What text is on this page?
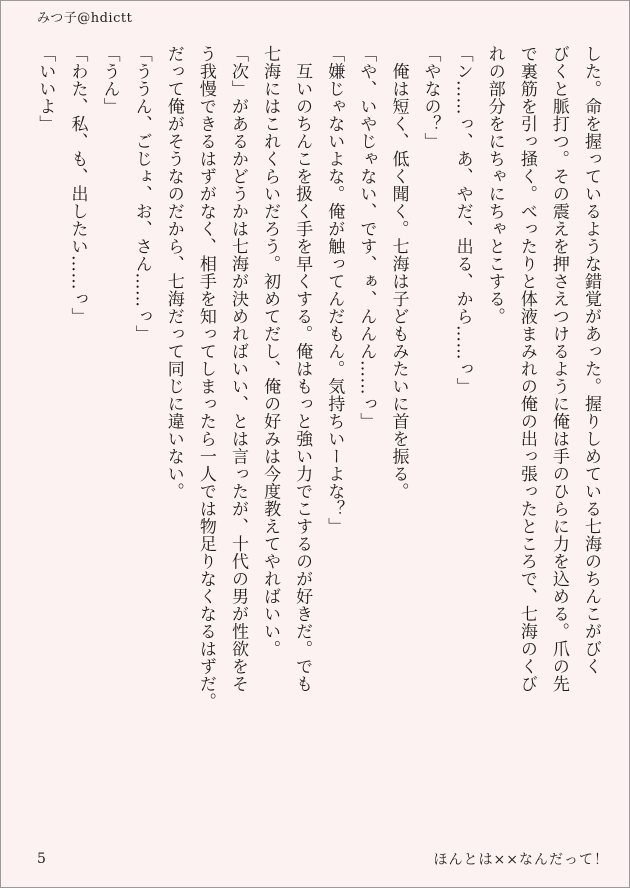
みつ子@hdictt

した。命を握っているような錯覚があった。握りしめている七海のちんこがびく

びくと脈打つ。その震えを押さえつけるように俺は手のひらに力を込める。爪の先

で裏筋を引っ掻く。べったりと体液まみれの俺の出っ張ったところで、七海のくび

れの部分をにちゃにちゃとこする。

「ン……っ、あ、やだ、出る、から……っ」

「やなの？」

　俺は短く、低く聞く。七海は子どもみたいに首を振る。

「や、いやじゃない、です、ぁ、んんん……っ」

「嫌じゃないよな。俺が触ってんだもん。気持ちいーよな？」

　互いのちんこを扱く手を早くする。俺はもっと強い力でこするのが好きだ。でも

七海にはこれくらいだろう。初めてだし、俺の好みは今度教えてやればいい。

「次」があるかどうかは七海が決めればいい、とは言ったが、十代の男が性欲をそ

う我慢できるはずがなく、相手を知ってしまったら一人では物足りなくなるはずだ。

だって俺がそうなのだから、七海だって同じに違いない。

「ううん、ごじょ、お、さん……っ」

「うん」

「わた、私、も、出したい……っ」

「いいよ」

5	ほんとは××なんだって！
